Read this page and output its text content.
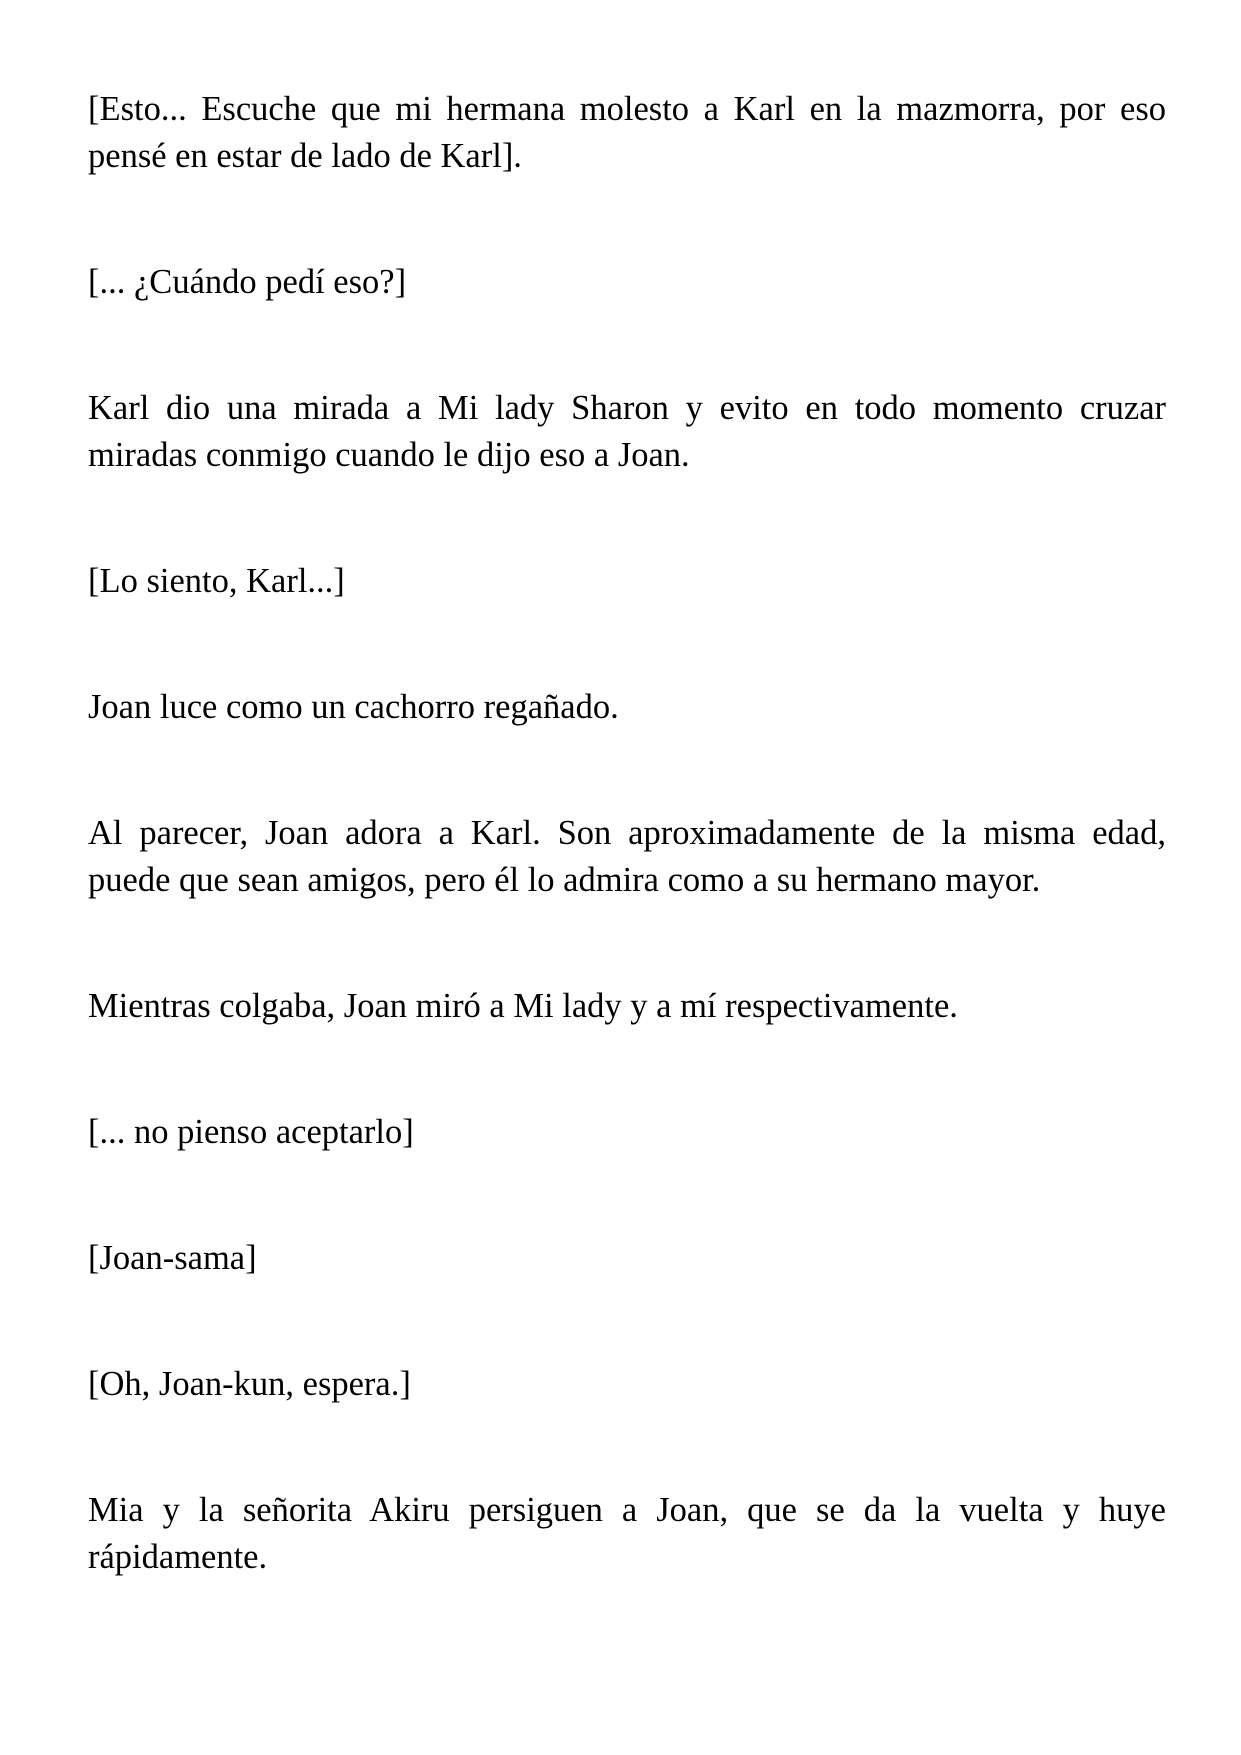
[Esto... Escuche que mi hermana molesto a Karl en la mazmorra, por eso pensé en estar de lado de Karl].

[... ¿Cuándo pedí eso?]

Karl dio una mirada a Mi lady Sharon y evito en todo momento cruzar miradas conmigo cuando le dijo eso a Joan.

[Lo siento, Karl...]

Joan luce como un cachorro regañado.

Al parecer, Joan adora a Karl. Son aproximadamente de la misma edad, puede que sean amigos, pero él lo admira como a su hermano mayor.

Mientras colgaba, Joan miró a Mi lady y a mí respectivamente.

[... no pienso aceptarlo]

[Joan-sama]

[Oh, Joan-kun, espera.]

Mia y la señorita Akiru persiguen a Joan, que se da la vuelta y huye rápidamente.
